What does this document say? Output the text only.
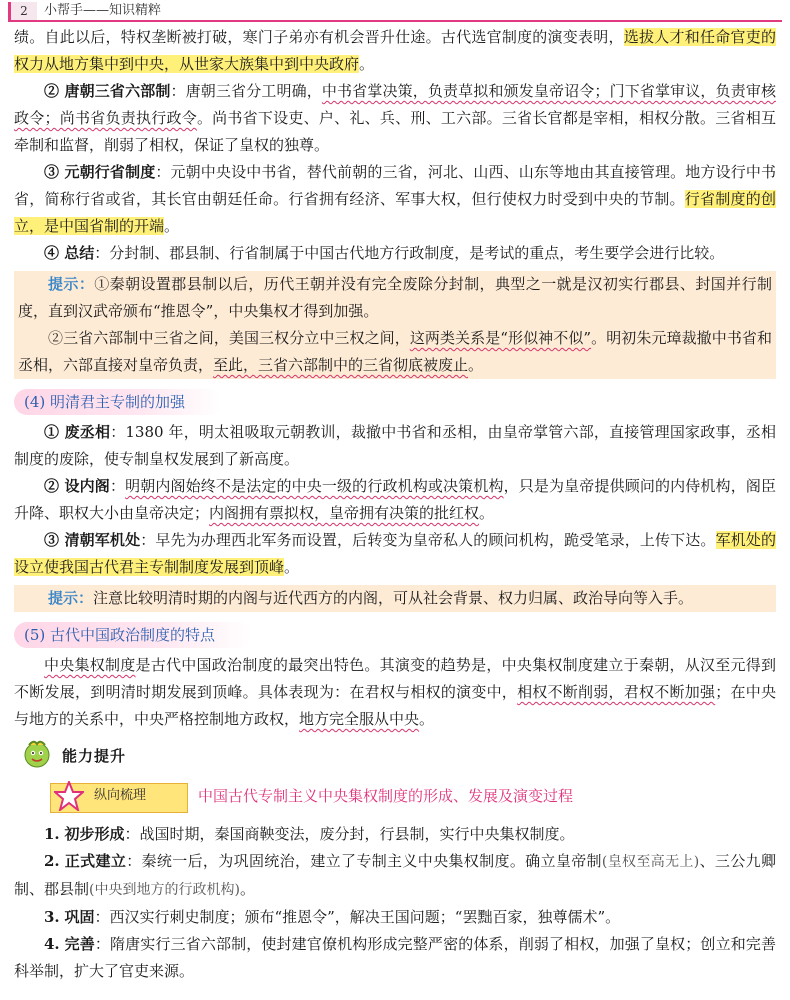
2	小帮手——知识精粹

绩。自此以后，特权垄断被打破，寒门子弟亦有机会晋升仕途。古代选官制度的演变表明，选拔人才和任命官吏的权力从地方集中到中央，从世家大族集中到中央政府。

② 唐朝三省六部制：唐朝三省分工明确，中书省掌决策，负责草拟和颁发皇帝诏令；门下省掌审议，负责审核政令；尚书省负责执行政令。尚书省下设吏、户、礼、兵、刑、工六部。三省长官都是宰相，相权分散。三省相互牵制和监督，削弱了相权，保证了皇权的独尊。

③ 元朝行省制度：元朝中央设中书省，替代前朝的三省，河北、山西、山东等地由其直接管理。地方设行中书省，简称行省或省，其长官由朝廷任命。行省拥有经济、军事大权，但行使权力时受到中央的节制。行省制度的创立，是中国省制的开端。

④ 总结：分封制、郡县制、行省制属于中国古代地方行政制度，是考试的重点，考生要学会进行比较。

提示：①秦朝设置郡县制以后，历代王朝并没有完全废除分封制，典型之一就是汉初实行郡县、封国并行制度，直到汉武帝颁布“推恩令”，中央集权才得到加强。

②三省六部制中三省之间，美国三权分立中三权之间，这两类关系是“形似神不似”。明初朱元璋裁撤中书省和丞相，六部直接对皇帝负责，至此，三省六部制中的三省彻底被废止。

(4) 明清君主专制的加强

① 废丞相：1380 年，明太祖吸取元朝教训，裁撤中书省和丞相，由皇帝掌管六部，直接管理国家政事，丞相制度的废除，使专制皇权发展到了新高度。

② 设内阁：明朝内阁始终不是法定的中央一级的行政机构或决策机构，只是为皇帝提供顾问的内侍机构，阁臣升降、职权大小由皇帝决定；内阁拥有票拟权，皇帝拥有决策的批红权。

③ 清朝军机处：早先为办理西北军务而设置，后转变为皇帝私人的顾问机构，跪受笔录，上传下达。军机处的设立使我国古代君主专制制度发展到顶峰。

提示：注意比较明清时期的内阁与近代西方的内阁，可从社会背景、权力归属、政治导向等入手。

(5) 古代中国政治制度的特点

中央集权制度是古代中国政治制度的最突出特色。其演变的趋势是，中央集权制度建立于秦朝，从汉至元得到不断发展，到明清时期发展到顶峰。具体表现为：在君权与相权的演变中，相权不断削弱，君权不断加强；在中央与地方的关系中，中央严格控制地方政权，地方完全服从中央。

能力提升
纵向梳理	中国古代专制主义中央集权制度的形成、发展及演变过程

1. 初步形成：战国时期，秦国商鞅变法，废分封，行县制，实行中央集权制度。

2. 正式建立：秦统一后，为巩固统治，建立了专制主义中央集权制度。确立皇帝制(皇权至高无上)、三公九卿制、郡县制(中央到地方的行政机构)。

3. 巩固：西汉实行刺史制度；颁布“推恩令”，解决王国问题；“罢黜百家，独尊儒术”。

4. 完善：隋唐实行三省六部制，使封建官僚机构形成完整严密的体系，削弱了相权，加强了皇权；创立和完善科举制，扩大了官吏来源。
